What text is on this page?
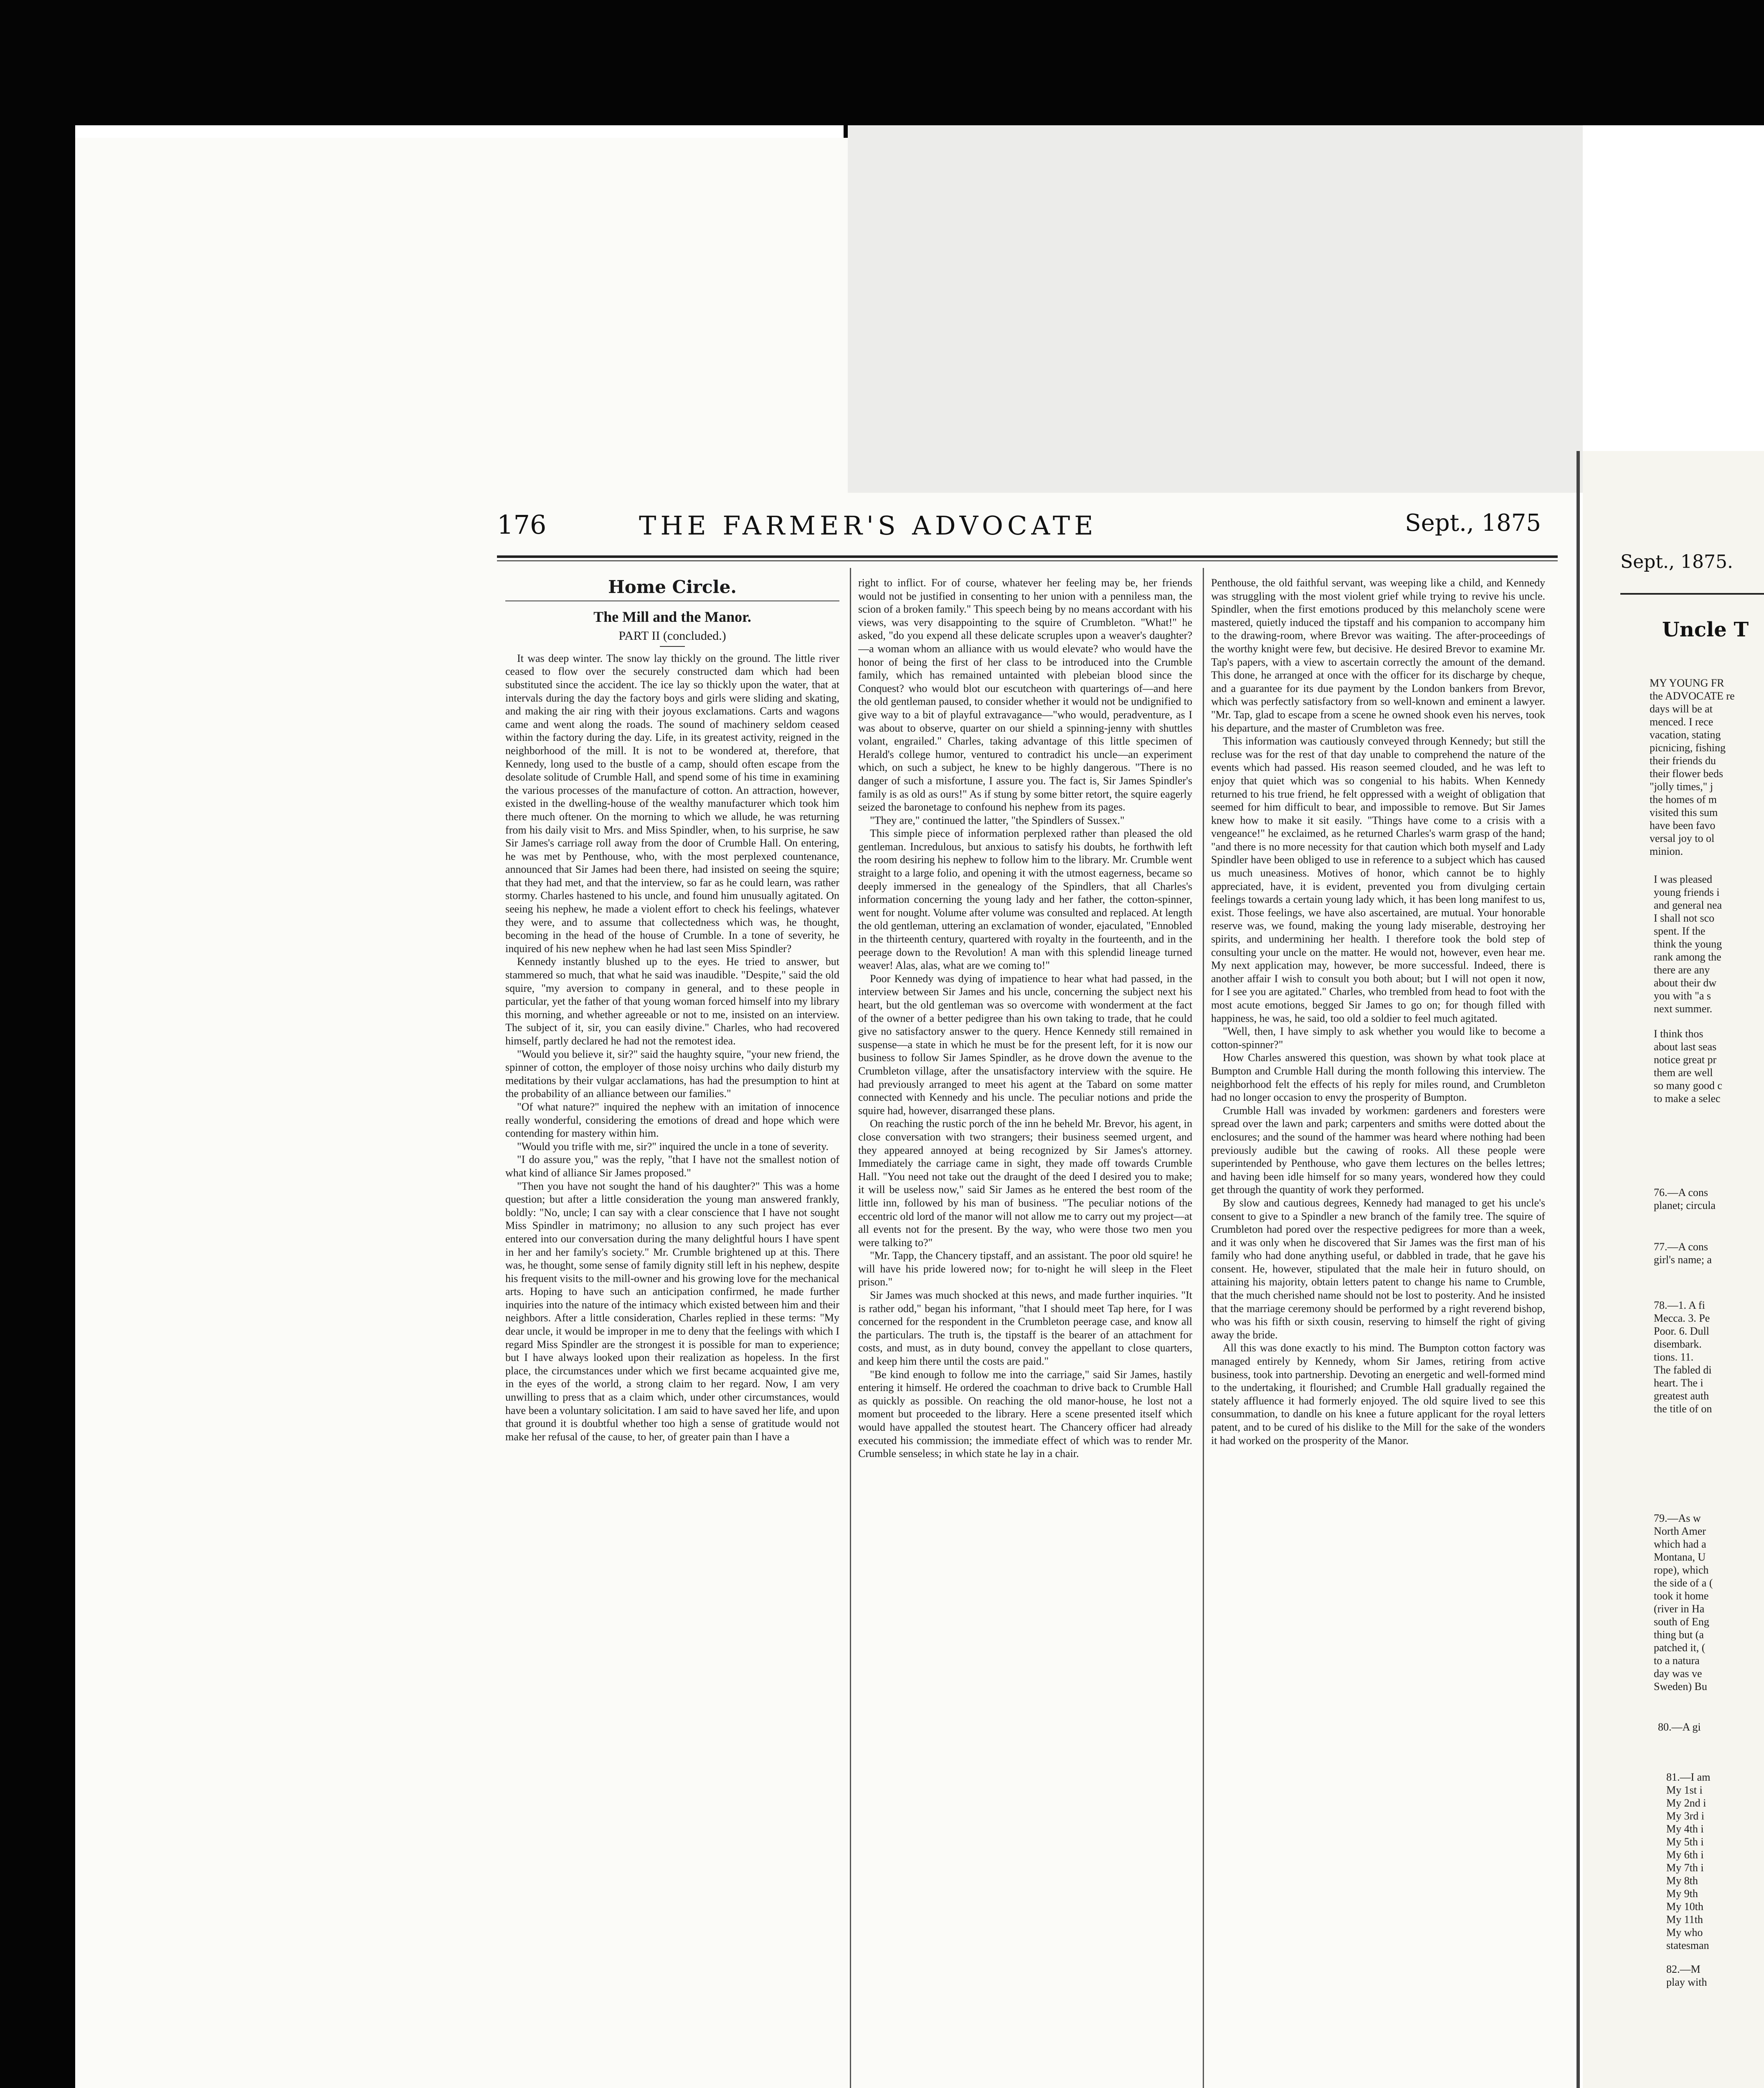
176	THE FARMER'S ADVOCATE	Sept., 1875
Home Circle.
The Mill and the Manor.
PART II (concluded.)

It was deep winter. The snow lay thickly on the ground. The little river ceased to flow over the securely constructed dam which had been substituted since the accident. The ice lay so thickly upon the water, that at intervals during the day the factory boys and girls were sliding and skating, and making the air ring with their joyous exclamations. Carts and wagons came and went along the roads. The sound of machinery seldom ceased within the factory during the day. Life, in its greatest activity, reigned in the neighborhood of the mill. It is not to be wondered at, therefore, that Kennedy, long used to the bustle of a camp, should often escape from the desolate solitude of Crumble Hall, and spend some of his time in examining the various processes of the manufacture of cotton. An attraction, however, existed in the dwelling-house of the wealthy manufacturer which took him there much oftener. On the morning to which we allude, he was returning from his daily visit to Mrs. and Miss Spindler, when, to his surprise, he saw Sir James's carriage roll away from the door of Crumble Hall. On entering, he was met by Penthouse, who, with the most perplexed countenance, announced that Sir James had been there, had insisted on seeing the squire; that they had met, and that the interview, so far as he could learn, was rather stormy. Charles hastened to his uncle, and found him unusually agitated. On seeing his nephew, he made a violent effort to check his feelings, whatever they were, and to assume that collectedness which was, he thought, becoming in the head of the house of Crumble. In a tone of severity, he inquired of his new nephew when he had last seen Miss Spindler?

Kennedy instantly blushed up to the eyes. He tried to answer, but stammered so much, that what he said was inaudible. "Despite," said the old squire, "my aversion to company in general, and to these people in particular, yet the father of that young woman forced himself into my library this morning, and whether agreeable or not to me, insisted on an interview. The subject of it, sir, you can easily divine." Charles, who had recovered himself, partly declared he had not the remotest idea.

"Would you believe it, sir?" said the haughty squire, "your new friend, the spinner of cotton, the employer of those noisy urchins who daily disturb my meditations by their vulgar acclamations, has had the presumption to hint at the probability of an alliance between our families."

"Of what nature?" inquired the nephew with an imitation of innocence really wonderful, considering the emotions of dread and hope which were contending for mastery within him.

"Would you trifle with me, sir?" inquired the uncle in a tone of severity.

"I do assure you," was the reply, "that I have not the smallest notion of what kind of alliance Sir James proposed."

"Then you have not sought the hand of his daughter?" This was a home question; but after a little consideration the young man answered frankly, boldly: "No, uncle; I can say with a clear conscience that I have not sought Miss Spindler in matrimony; no allusion to any such project has ever entered into our conversation during the many delightful hours I have spent in her and her family's society." Mr. Crumble brightened up at this. There was, he thought, some sense of family dignity still left in his nephew, despite his frequent visits to the mill-owner and his growing love for the mechanical arts. Hoping to have such an anticipation confirmed, he made further inquiries into the nature of the intimacy which existed between him and their neighbors. After a little consideration, Charles replied in these terms: "My dear uncle, it would be improper in me to deny that the feelings with which I regard Miss Spindler are the strongest it is possible for man to experience; but I have always looked upon their realization as hopeless. In the first place, the circumstances under which we first became acquainted give me, in the eyes of the world, a strong claim to her regard. Now, I am very unwilling to press that as a claim which, under other circumstances, would have been a voluntary solicitation. I am said to have saved her life, and upon that ground it is doubtful whether too high a sense of gratitude would not make her refusal of the cause, to her, of greater pain than I have a

right to inflict. For of course, whatever her feeling may be, her friends would not be justified in consenting to her union with a penniless man, the scion of a broken family." This speech being by no means accordant with his views, was very disappointing to the squire of Crumbleton. "What!" he asked, "do you expend all these delicate scruples upon a weaver's daughter?—a woman whom an alliance with us would elevate? who would have the honor of being the first of her class to be introduced into the Crumble family, which has remained untainted with plebeian blood since the Conquest? who would blot our escutcheon with quarterings of—and here the old gentleman paused, to consider whether it would not be undignified to give way to a bit of playful extravagance—"who would, peradventure, as I was about to observe, quarter on our shield a spinning-jenny with shuttles volant, engrailed." Charles, taking advantage of this little specimen of Herald's college humor, ventured to contradict his uncle—an experiment which, on such a subject, he knew to be highly dangerous. "There is no danger of such a misfortune, I assure you. The fact is, Sir James Spindler's family is as old as ours!" As if stung by some bitter retort, the squire eagerly seized the baronetage to confound his nephew from its pages.

"They are," continued the latter, "the Spindlers of Sussex."

This simple piece of information perplexed rather than pleased the old gentleman. Incredulous, but anxious to satisfy his doubts, he forthwith left the room desiring his nephew to follow him to the library. Mr. Crumble went straight to a large folio, and opening it with the utmost eagerness, became so deeply immersed in the genealogy of the Spindlers, that all Charles's information concerning the young lady and her father, the cotton-spinner, went for nought. Volume after volume was consulted and replaced. At length the old gentleman, uttering an exclamation of wonder, ejaculated, "Ennobled in the thirteenth century, quartered with royalty in the fourteenth, and in the peerage down to the Revolution! A man with this splendid lineage turned weaver! Alas, alas, what are we coming to!"

Poor Kennedy was dying of impatience to hear what had passed, in the interview between Sir James and his uncle, concerning the subject next his heart, but the old gentleman was so overcome with wonderment at the fact of the owner of a better pedigree than his own taking to trade, that he could give no satisfactory answer to the query. Hence Kennedy still remained in suspense—a state in which he must be for the present left, for it is now our business to follow Sir James Spindler, as he drove down the avenue to the Crumbleton village, after the unsatisfactory interview with the squire. He had previously arranged to meet his agent at the Tabard on some matter connected with Kennedy and his uncle. The peculiar notions and pride the squire had, however, disarranged these plans.

On reaching the rustic porch of the inn he beheld Mr. Brevor, his agent, in close conversation with two strangers; their business seemed urgent, and they appeared annoyed at being recognized by Sir James's attorney. Immediately the carriage came in sight, they made off towards Crumble Hall. "You need not take out the draught of the deed I desired you to make; it will be useless now," said Sir James as he entered the best room of the little inn, followed by his man of business. "The peculiar notions of the eccentric old lord of the manor will not allow me to carry out my project—at all events not for the present. By the way, who were those two men you were talking to?"

"Mr. Tapp, the Chancery tipstaff, and an assistant. The poor old squire! he will have his pride lowered now; for to-night he will sleep in the Fleet prison."

Sir James was much shocked at this news, and made further inquiries. "It is rather odd," began his informant, "that I should meet Tap here, for I was concerned for the respondent in the Crumbleton peerage case, and know all the particulars. The truth is, the tipstaff is the bearer of an attachment for costs, and must, as in duty bound, convey the appellant to close quarters, and keep him there until the costs are paid."

"Be kind enough to follow me into the carriage," said Sir James, hastily entering it himself. He ordered the coachman to drive back to Crumble Hall as quickly as possible. On reaching the old manor-house, he lost not a moment but proceeded to the library. Here a scene presented itself which would have appalled the stoutest heart. The Chancery officer had already executed his commission; the immediate effect of which was to render Mr. Crumble senseless; in which state he lay in a chair.

Penthouse, the old faithful servant, was weeping like a child, and Kennedy was struggling with the most violent grief while trying to revive his uncle. Spindler, when the first emotions produced by this melancholy scene were mastered, quietly induced the tipstaff and his companion to accompany him to the drawing-room, where Brevor was waiting. The after-proceedings of the worthy knight were few, but decisive. He desired Brevor to examine Mr. Tap's papers, with a view to ascertain correctly the amount of the demand. This done, he arranged at once with the officer for its discharge by cheque, and a guarantee for its due payment by the London bankers from Brevor, which was perfectly satisfactory from so well-known and eminent a lawyer. "Mr. Tap, glad to escape from a scene he owned shook even his nerves, took his departure, and the master of Crumbleton was free.

This information was cautiously conveyed through Kennedy; but still the recluse was for the rest of that day unable to comprehend the nature of the events which had passed. His reason seemed clouded, and he was left to enjoy that quiet which was so congenial to his habits. When Kennedy returned to his true friend, he felt oppressed with a weight of obligation that seemed for him difficult to bear, and impossible to remove. But Sir James knew how to make it sit easily. "Things have come to a crisis with a vengeance!" he exclaimed, as he returned Charles's warm grasp of the hand; "and there is no more necessity for that caution which both myself and Lady Spindler have been obliged to use in reference to a subject which has caused us much uneasiness. Motives of honor, which cannot be to highly appreciated, have, it is evident, prevented you from divulging certain feelings towards a certain young lady which, it has been long manifest to us, exist. Those feelings, we have also ascertained, are mutual. Your honorable reserve was, we found, making the young lady miserable, destroying her spirits, and undermining her health. I therefore took the bold step of consulting your uncle on the matter. He would not, however, even hear me. My next application may, however, be more successful. Indeed, there is another affair I wish to consult you both about; but I will not open it now, for I see you are agitated." Charles, who trembled from head to foot with the most acute emotions, begged Sir James to go on; for though filled with happiness, he was, he said, too old a soldier to feel much agitated.

"Well, then, I have simply to ask whether you would like to become a cotton-spinner?"

How Charles answered this question, was shown by what took place at Bumpton and Crumble Hall during the month following this interview. The neighborhood felt the effects of his reply for miles round, and Crumbleton had no longer occasion to envy the prosperity of Bumpton.

Crumble Hall was invaded by workmen: gardeners and foresters were spread over the lawn and park; carpenters and smiths were dotted about the enclosures; and the sound of the hammer was heard where nothing had been previously audible but the cawing of rooks. All these people were superintended by Penthouse, who gave them lectures on the belles lettres; and having been idle himself for so many years, wondered how they could get through the quantity of work they performed.

By slow and cautious degrees, Kennedy had managed to get his uncle's consent to give to a Spindler a new branch of the family tree. The squire of Crumbleton had pored over the respective pedigrees for more than a week, and it was only when he discovered that Sir James was the first man of his family who had done anything useful, or dabbled in trade, that he gave his consent. He, however, stipulated that the male heir in futuro should, on attaining his majority, obtain letters patent to change his name to Crumble, that the much cherished name should not be lost to posterity. And he insisted that the marriage ceremony should be performed by a right reverend bishop, who was his fifth or sixth cousin, reserving to himself the right of giving away the bride.

All this was done exactly to his mind. The Bumpton cotton factory was managed entirely by Kennedy, whom Sir James, retiring from active business, took into partnership. Devoting an energetic and well-formed mind to the undertaking, it flourished; and Crumble Hall gradually regained the stately affluence it had formerly enjoyed. The old squire lived to see this consummation, to dandle on his knee a future applicant for the royal letters patent, and to be cured of his dislike to the Mill for the sake of the wonders it had worked on the prosperity of the Manor.

Sept., 1875.
Uncle T
MY YOUNG FR
the ADVOCATE re
days will be at
menced. I rece
vacation, stating
picnicing, fishing
their friends du
their flower beds
"jolly times," j
the homes of m
visited this sum
have been favo
versal joy to ol
minion.
I was pleased
young friends i
and general nea
I shall not sco
spent. If the
think the young
rank among the
there are any
about their dw
you with "a s
next summer.
I think thos
about last seas
notice great pr
them are well
so many good c
to make a selec
76.—A cons
planet; circula
77.—A cons
girl's name; a
78.—1. A fi
Mecca. 3. Pe
Poor. 6. Dull
disembark.
tions. 11.
The fabled di
heart. The i
greatest auth
the title of on
79.—As w
North Amer
which had a
Montana, U
rope), which
the side of a (
took it home
(river in Ha
south of Eng
thing but (a
patched it, (
to a natura
day was ve
Sweden) Bu
80.—A gi
81.—I am
My 1st i
My 2nd i
My 3rd i
My 4th i
My 5th i
My 6th i
My 7th i
My 8th
My 9th
My 10th
My 11th
My who
statesman
82.—M
play with
